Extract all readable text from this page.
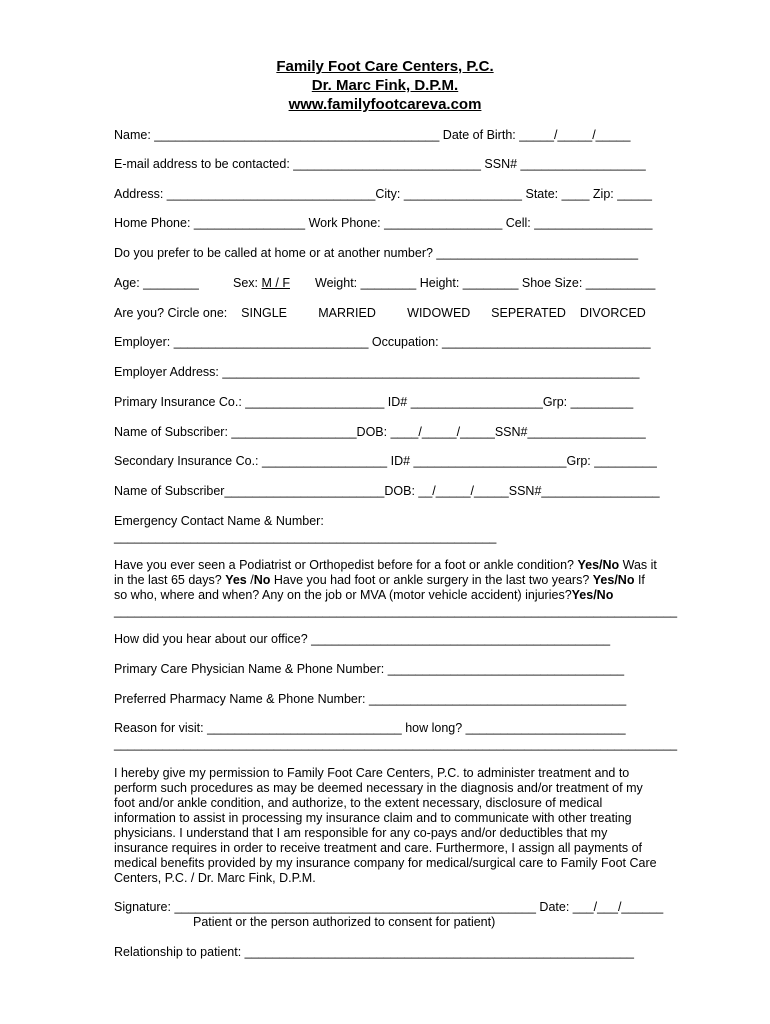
Family Foot Care Centers, P.C.
Dr. Marc Fink, D.P.M.
www.familyfootcareva.com
Name: _________________________________________ Date of Birth: _____/_____/_____
E-mail address to be contacted: ___________________________ SSN# __________________
Address: ______________________________City: _________________ State: ____ Zip: _____
Home Phone: ________________ Work Phone: _________________ Cell: _________________
Do you prefer to be called at home or at another number? _____________________________
Age: ________	Sex: M / F Weight: ________ Height: ________ Shoe Size: __________
Are you? Circle one:    SINGLE         MARRIED         WIDOWED      SEPERATED    DIVORCED
Employer: ____________________________ Occupation: ______________________________
Employer Address: ____________________________________________________________
Primary Insurance Co.: ____________________ ID# ___________________Grp: _________
Name of Subscriber: __________________DOB: ____/_____/_____SSN#_________________
Secondary Insurance Co.: __________________ ID# ______________________Grp: _________
Name of Subscriber_______________________DOB: __/_____/_____SSN#_________________
Emergency Contact Name & Number:
_______________________________________________________
Have you ever seen a Podiatrist or Orthopedist before for a foot or ankle condition? Yes/No Was it in the last 65 days? Yes /No Have you had foot or ankle surgery in the last two years? Yes/No If so who, where and when? Any on the job or MVA (motor vehicle accident) injuries?Yes/No
_________________________________________________________________________________
How did you hear about our office? ___________________________________________
Primary Care Physician Name & Phone Number: __________________________________
Preferred Pharmacy Name & Phone Number: _____________________________________
Reason for visit: ____________________________ how long? _______________________
_________________________________________________________________________________
I hereby give my permission to Family Foot Care Centers, P.C. to administer treatment and to perform such procedures as may be deemed necessary in the diagnosis and/or treatment of my foot and/or ankle condition, and authorize, to the extent necessary, disclosure of medical information to assist in processing my insurance claim and to communicate with other treating physicians. I understand that I am responsible for any co-pays and/or deductibles that my insurance requires in order to receive treatment and care. Furthermore, I assign all payments of medical benefits provided by my insurance company for medical/surgical care to Family Foot Care Centers, P.C. / Dr. Marc Fink, D.P.M.
Signature: ____________________________________________________ Date: ___/___/______
Patient or the person authorized to consent for patient)
Relationship to patient: ________________________________________________________
